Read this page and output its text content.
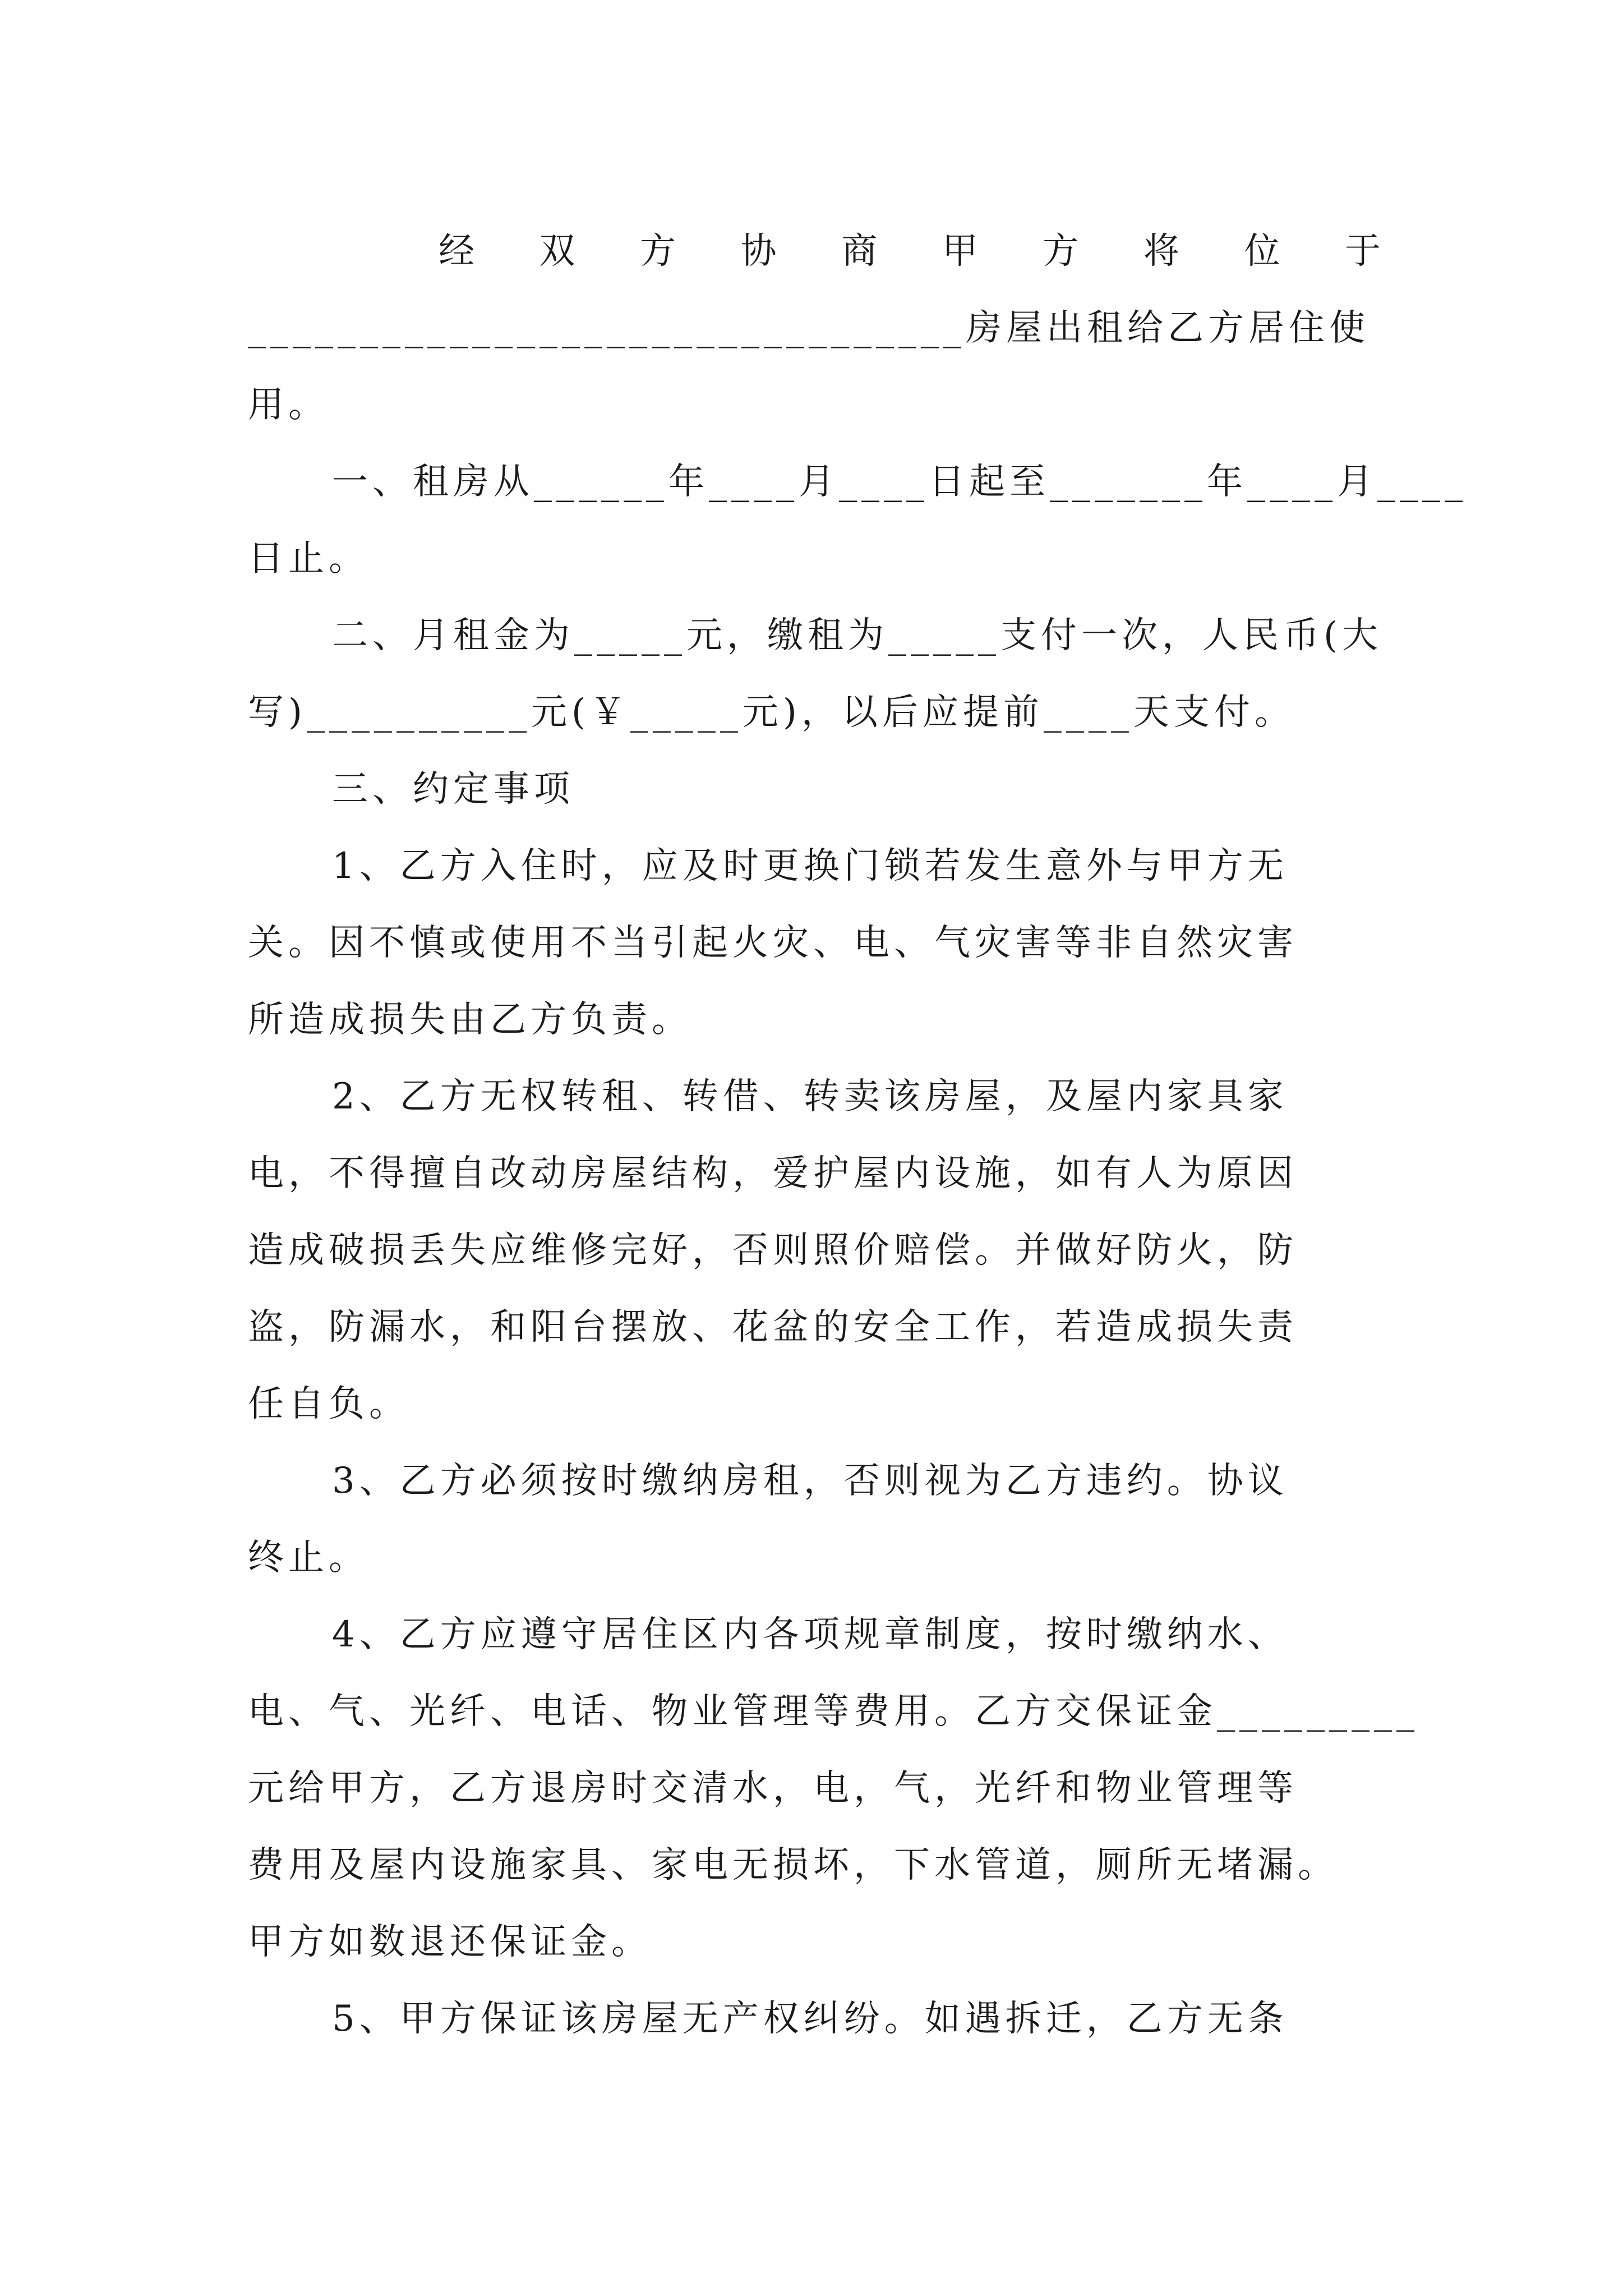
经 双 方 协 商 甲 方 将 位 于
________________________________房屋出租给乙方居住使
用。
一、租房从______年____月____日起至_______年____月____
日止。
二、月租金为_____元，缴租为_____支付一次，人民币(大
写)__________元(￥_____元)，以后应提前____天支付。
三、约定事项
1、乙方入住时，应及时更换门锁若发生意外与甲方无
关。因不慎或使用不当引起火灾、电、气灾害等非自然灾害
所造成损失由乙方负责。
2、乙方无权转租、转借、转卖该房屋，及屋内家具家
电，不得擅自改动房屋结构，爱护屋内设施，如有人为原因
造成破损丢失应维修完好，否则照价赔偿。并做好防火，防
盗，防漏水，和阳台摆放、花盆的安全工作，若造成损失责
任自负。
3、乙方必须按时缴纳房租，否则视为乙方违约。协议
终止。
4、乙方应遵守居住区内各项规章制度，按时缴纳水、
电、气、光纤、电话、物业管理等费用。乙方交保证金_________
元给甲方，乙方退房时交清水，电，气，光纤和物业管理等
费用及屋内设施家具、家电无损坏，下水管道，厕所无堵漏。
甲方如数退还保证金。
5、甲方保证该房屋无产权纠纷。如遇拆迁，乙方无条
